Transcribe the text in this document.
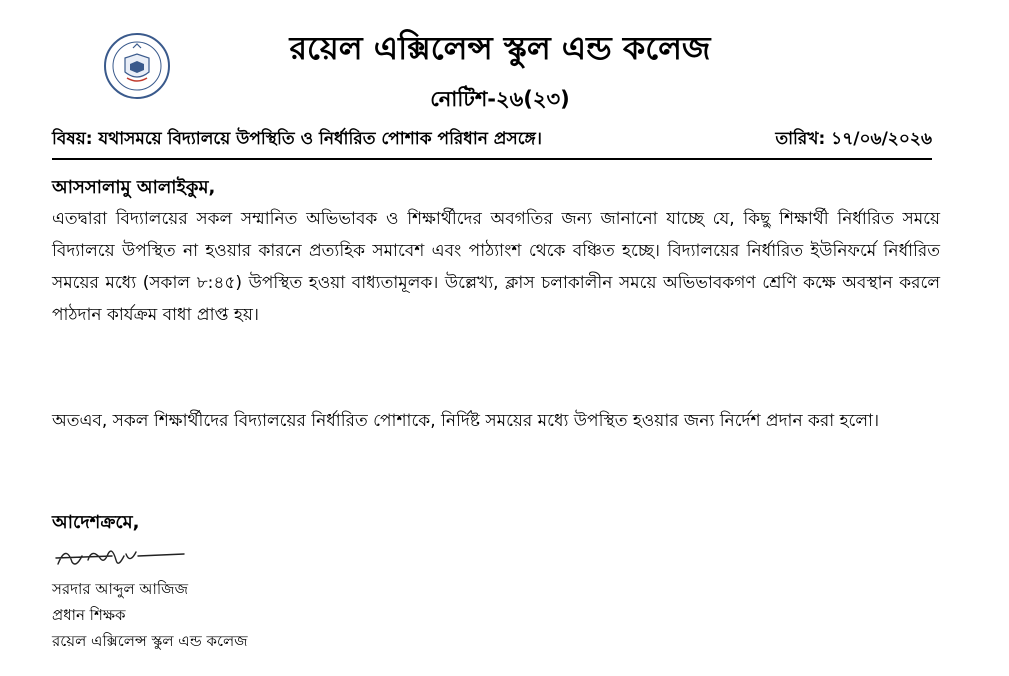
রয়েল এক্সিলেন্স স্কুল এন্ড কলেজ
নোটিশ-২৬(২৩)
বিষয়: যথাসময়ে বিদ্যালয়ে উপস্থিতি ও নির্ধারিত পোশাক পরিধান প্রসঙ্গে।	তারিখ: ১৭/০৬/২০২৬
আসসালামু আলাইকুম,
এতদ্বারা বিদ্যালয়ের সকল সম্মানিত অভিভাবক ও শিক্ষার্থীদের অবগতির জন্য জানানো যাচ্ছে যে, কিছু শিক্ষার্থী নির্ধারিত সময়ে বিদ্যালয়ে উপস্থিত না হওয়ার কারনে প্রত্যহিক সমাবেশ এবং পাঠ্যাংশ থেকে বঞ্চিত হচ্ছে। বিদ্যালয়ের নির্ধারিত ইউনিফর্মে নির্ধারিত সময়ের মধ্যে (সকাল ৮:৪৫) উপস্থিত হওয়া বাধ্যতামূলক। উল্লেখ্য, ক্লাস চলাকালীন সময়ে অভিভাবকগণ শ্রেণি কক্ষে অবস্থান করলে পাঠদান কার্যক্রম বাধা প্রাপ্ত হয়।
অতএব, সকল শিক্ষার্থীদের বিদ্যালয়ের নির্ধারিত পোশাকে, নির্দিষ্ট সময়ের মধ্যে উপস্থিত হওয়ার জন্য নির্দেশ প্রদান করা হলো।
আদেশক্রমে,
সরদার আব্দুল আজিজ
প্রধান শিক্ষক
রয়েল এক্সিলেন্স স্কুল এন্ড কলেজ
